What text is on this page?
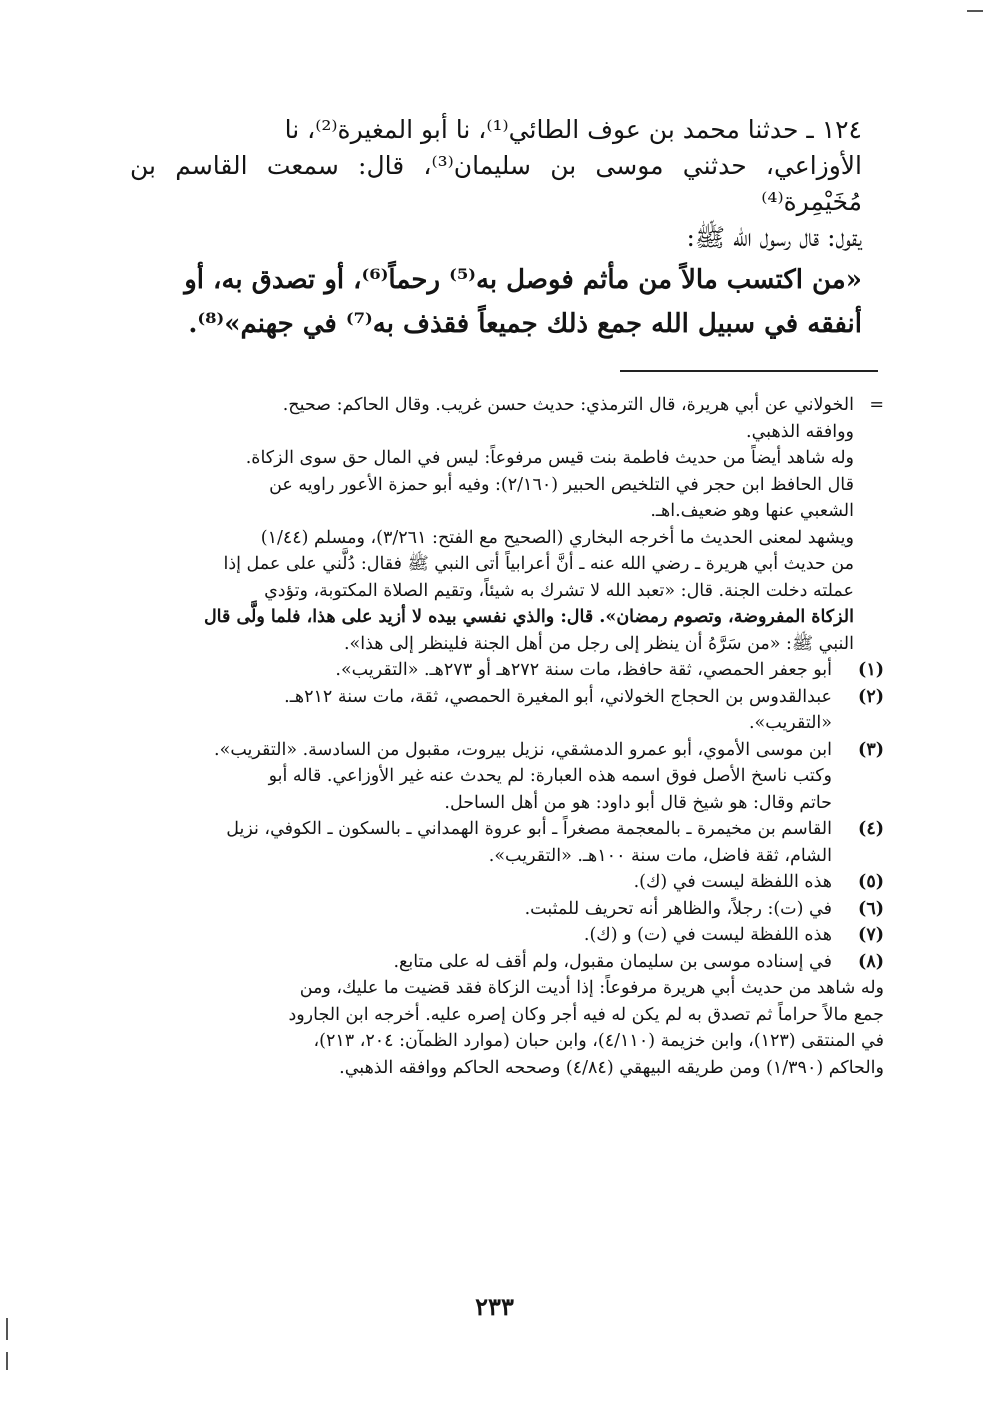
١٢٤ ـ حدثنا محمد بن عوف الطائي⁽¹⁾، نا أبو المغيرة⁽²⁾، نا

الأوزاعي، حدثني موسى بن سليمان⁽³⁾، قال: سمعت القاسم بن مُخَيْمِرة⁽⁴⁾

يقول: قال رسول الله ﷺ:

«من اكتسب مالاً من مأثم فوصل به⁽⁵⁾ رحماً⁽⁶⁾، أو تصدق به، أو

أنفقه في سبيل الله جمع ذلك جميعاً فقذف به⁽⁷⁾ في جهنم»⁽⁸⁾.

=

الخولاني عن أبي هريرة، قال الترمذي: حديث حسن غريب. وقال الحاكم: صحيح.

ووافقه الذهبي.

وله شاهد أيضاً من حديث فاطمة بنت قيس مرفوعاً: ليس في المال حق سوى الزكاة.

قال الحافظ ابن حجر في التلخيص الحبير (٢/١٦٠): وفيه أبو حمزة الأعور راويه عن

الشعبي عنها وهو ضعيف.اهـ.

ويشهد لمعنى الحديث ما أخرجه البخاري (الصحيح مع الفتح: ٣/٢٦١)، ومسلم (١/٤٤)

من حديث أبي هريرة ـ رضي الله عنه ـ أنَّ أعرابياً أتى النبي ﷺ فقال: دُلَّني على عمل إذا

عملته دخلت الجنة. قال: «تعبد الله لا تشرك به شيئاً، وتقيم الصلاة المكتوبة، وتؤدي

الزكاة المفروضة، وتصوم رمضان». قال: والذي نفسي بيده لا أزيد على هذا، فلما ولَّى قال

النبي ﷺ: «من سَرَّهُ أن ينظر إلى رجل من أهل الجنة فلينظر إلى هذا».

(١)

أبو جعفر الحمصي، ثقة حافظ، مات سنة ٢٧٢هـ أو ٢٧٣هـ. «التقريب».

(٢)

عبدالقدوس بن الحجاج الخولاني، أبو المغيرة الحمصي، ثقة، مات سنة ٢١٢هـ.

«التقريب».

(٣)

ابن موسى الأموي، أبو عمرو الدمشقي، نزيل بيروت، مقبول من السادسة. «التقريب».

وكتب ناسخ الأصل فوق اسمه هذه العبارة: لم يحدث عنه غير الأوزاعي. قاله أبو

حاتم وقال: هو شيخ قال أبو داود: هو من أهل الساحل.

(٤)

القاسم بن مخيمرة ـ بالمعجمة مصغراً ـ أبو عروة الهمداني ـ بالسكون ـ الكوفي، نزيل

الشام، ثقة فاضل، مات سنة ١٠٠هـ. «التقريب».

(٥)

هذه اللفظة ليست في (ك).

(٦)

في (ت): رجلاً، والظاهر أنه تحريف للمثبت.

(٧)

هذه اللفظة ليست في (ت) و (ك).

(٨)

في إسناده موسى بن سليمان مقبول، ولم أقف له على متابع.

وله شاهد من حديث أبي هريرة مرفوعاً: إذا أديت الزكاة فقد قضيت ما عليك، ومن

جمع مالاً حراماً ثم تصدق به لم يكن له فيه أجر وكان إصره عليه. أخرجه ابن الجارود

في المنتقى (١٢٣)، وابن خزيمة (٤/١١٠)، وابن حبان (موارد الظمآن: ٢٠٤، ٢١٣)،

والحاكم (١/٣٩٠) ومن طريقه البيهقي (٤/٨٤) وصححه الحاكم ووافقه الذهبي.

٢٣٣
